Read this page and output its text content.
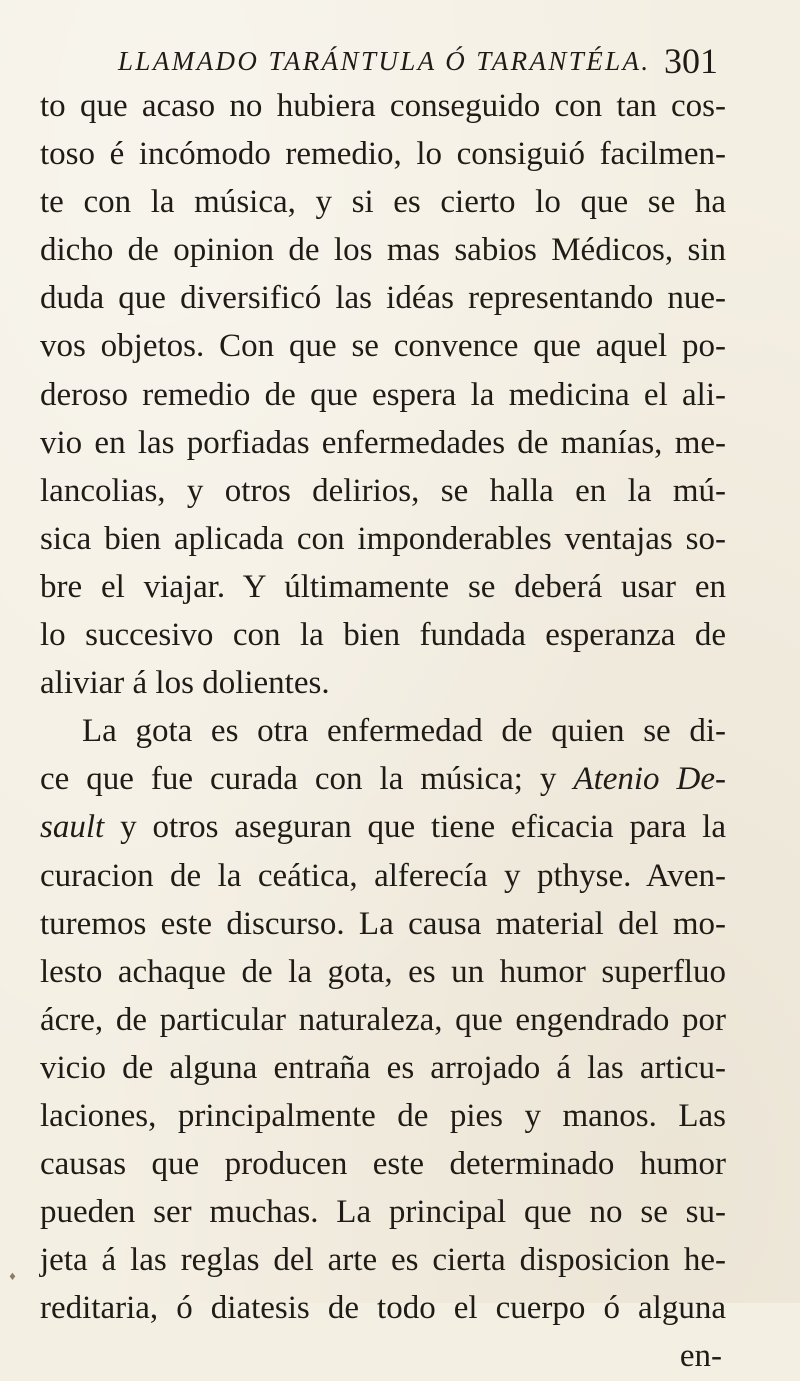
LLAMADO TARÁNTULA Ó TARANTÉLA. 301
to que acaso no hubiera conseguido con tan cos-
toso é incómodo remedio, lo consiguió facilmen-
te con la música, y si es cierto lo que se ha
dicho de opinion de los mas sabios Médicos, sin
duda que diversificó las idéas representando nue-
vos objetos. Con que se convence que aquel po-
deroso remedio de que espera la medicina el ali-
vio en las porfiadas enfermedades de manías, me-
lancolias, y otros delirios, se halla en la mú-
sica bien aplicada con imponderables ventajas so-
bre el viajar. Y últimamente se deberá usar en
lo succesivo con la bien fundada esperanza de
aliviar á los dolientes.
La gota es otra enfermedad de quien se di-
ce que fue curada con la música; y Atenio De-
sault y otros aseguran que tiene eficacia para la
curacion de la ceática, alferecía y pthyse. Aven-
turemos este discurso. La causa material del mo-
lesto achaque de la gota, es un humor superfluo
ácre, de particular naturaleza, que engendrado por
vicio de alguna entraña es arrojado á las articu-
laciones, principalmente de pies y manos. Las
causas que producen este determinado humor
pueden ser muchas. La principal que no se su-
jeta á las reglas del arte es cierta disposicion he-
reditaria, ó diatesis de todo el cuerpo ó alguna
en-
♦
